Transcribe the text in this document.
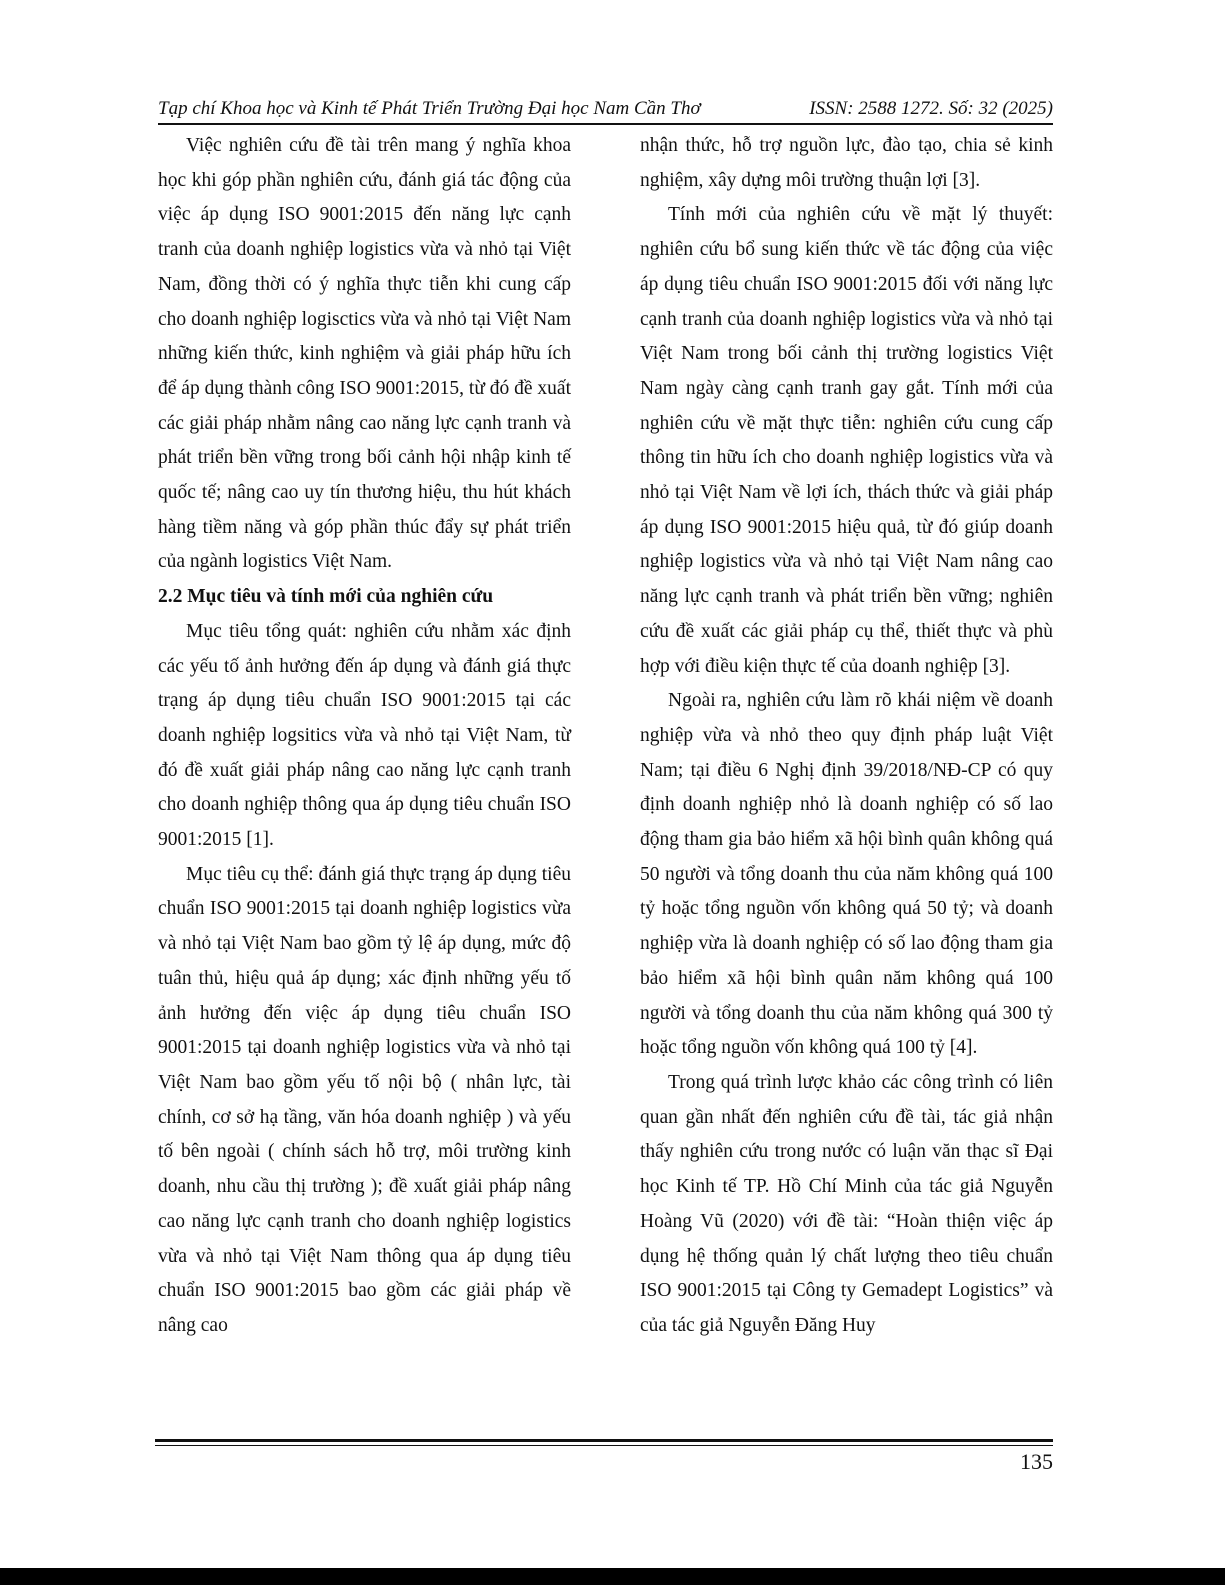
Tạp chí Khoa học và Kinh tế Phát Triển Trường Đại học Nam Cần Thơ	ISSN: 2588 1272. Số: 32 (2025)

Việc nghiên cứu đề tài trên mang ý nghĩa khoa học khi góp phần nghiên cứu, đánh giá tác động của việc áp dụng ISO 9001:2015 đến năng lực cạnh tranh của doanh nghiệp logistics vừa và nhỏ tại Việt Nam, đồng thời có ý nghĩa thực tiễn khi cung cấp cho doanh nghiệp logisctics vừa và nhỏ tại Việt Nam những kiến thức, kinh nghiệm và giải pháp hữu ích để áp dụng thành công ISO 9001:2015, từ đó đề xuất các giải pháp nhằm nâng cao năng lực cạnh tranh và phát triển bền vững trong bối cảnh hội nhập kinh tế quốc tế; nâng cao uy tín thương hiệu, thu hút khách hàng tiềm năng và góp phần thúc đẩy sự phát triển của ngành logistics Việt Nam.

2.2 Mục tiêu và tính mới của nghiên cứu

Mục tiêu tổng quát: nghiên cứu nhằm xác định các yếu tố ảnh hưởng đến áp dụng và đánh giá thực trạng áp dụng tiêu chuẩn ISO 9001:2015 tại các doanh nghiệp logsitics vừa và nhỏ tại Việt Nam, từ đó đề xuất giải pháp nâng cao năng lực cạnh tranh cho doanh nghiệp thông qua áp dụng tiêu chuẩn ISO 9001:2015 [1].

Mục tiêu cụ thể: đánh giá thực trạng áp dụng tiêu chuẩn ISO 9001:2015 tại doanh nghiệp logistics vừa và nhỏ tại Việt Nam bao gồm tỷ lệ áp dụng, mức độ tuân thủ, hiệu quả áp dụng; xác định những yếu tố ảnh hưởng đến việc áp dụng tiêu chuẩn ISO 9001:2015 tại doanh nghiệp logistics vừa và nhỏ tại Việt Nam bao gồm yếu tố nội bộ ( nhân lực, tài chính, cơ sở hạ tầng, văn hóa doanh nghiệp ) và yếu tố bên ngoài ( chính sách hỗ trợ, môi trường kinh doanh, nhu cầu thị trường ); đề xuất giải pháp nâng cao năng lực cạnh tranh cho doanh nghiệp logistics vừa và nhỏ tại Việt Nam thông qua áp dụng tiêu chuẩn ISO 9001:2015 bao gồm các giải pháp về nâng cao

nhận thức, hỗ trợ nguồn lực, đào tạo, chia sẻ kinh nghiệm, xây dựng môi trường thuận lợi [3].

Tính mới của nghiên cứu về mặt lý thuyết: nghiên cứu bổ sung kiến thức về tác động của việc áp dụng tiêu chuẩn ISO 9001:2015 đối với năng lực cạnh tranh của doanh nghiệp logistics vừa và nhỏ tại Việt Nam trong bối cảnh thị trường logistics Việt Nam ngày càng cạnh tranh gay gắt. Tính mới của nghiên cứu về mặt thực tiễn: nghiên cứu cung cấp thông tin hữu ích cho doanh nghiệp logistics vừa và nhỏ tại Việt Nam về lợi ích, thách thức và giải pháp áp dụng ISO 9001:2015 hiệu quả, từ đó giúp doanh nghiệp logistics vừa và nhỏ tại Việt Nam nâng cao năng lực cạnh tranh và phát triển bền vững; nghiên cứu đề xuất các giải pháp cụ thể, thiết thực và phù hợp với điều kiện thực tế của doanh nghiệp [3].

Ngoài ra, nghiên cứu làm rõ khái niệm về doanh nghiệp vừa và nhỏ theo quy định pháp luật Việt Nam; tại điều 6 Nghị định 39/2018/NĐ-CP có quy định doanh nghiệp nhỏ là doanh nghiệp có số lao động tham gia bảo hiểm xã hội bình quân không quá 50 người và tổng doanh thu của năm không quá 100 tỷ hoặc tổng nguồn vốn không quá 50 tỷ; và doanh nghiệp vừa là doanh nghiệp có số lao động tham gia bảo hiểm xã hội bình quân năm không quá 100 người và tổng doanh thu của năm không quá 300 tỷ hoặc tổng nguồn vốn không quá 100 tỷ [4].

Trong quá trình lược khảo các công trình có liên quan gần nhất đến nghiên cứu đề tài, tác giả nhận thấy nghiên cứu trong nước có luận văn thạc sĩ Đại học Kinh tế TP. Hồ Chí Minh của tác giả Nguyễn Hoàng Vũ (2020) với đề tài: “Hoàn thiện việc áp dụng hệ thống quản lý chất lượng theo tiêu chuẩn ISO 9001:2015 tại Công ty Gemadept Logistics” và của tác giả Nguyễn Đăng Huy

135
